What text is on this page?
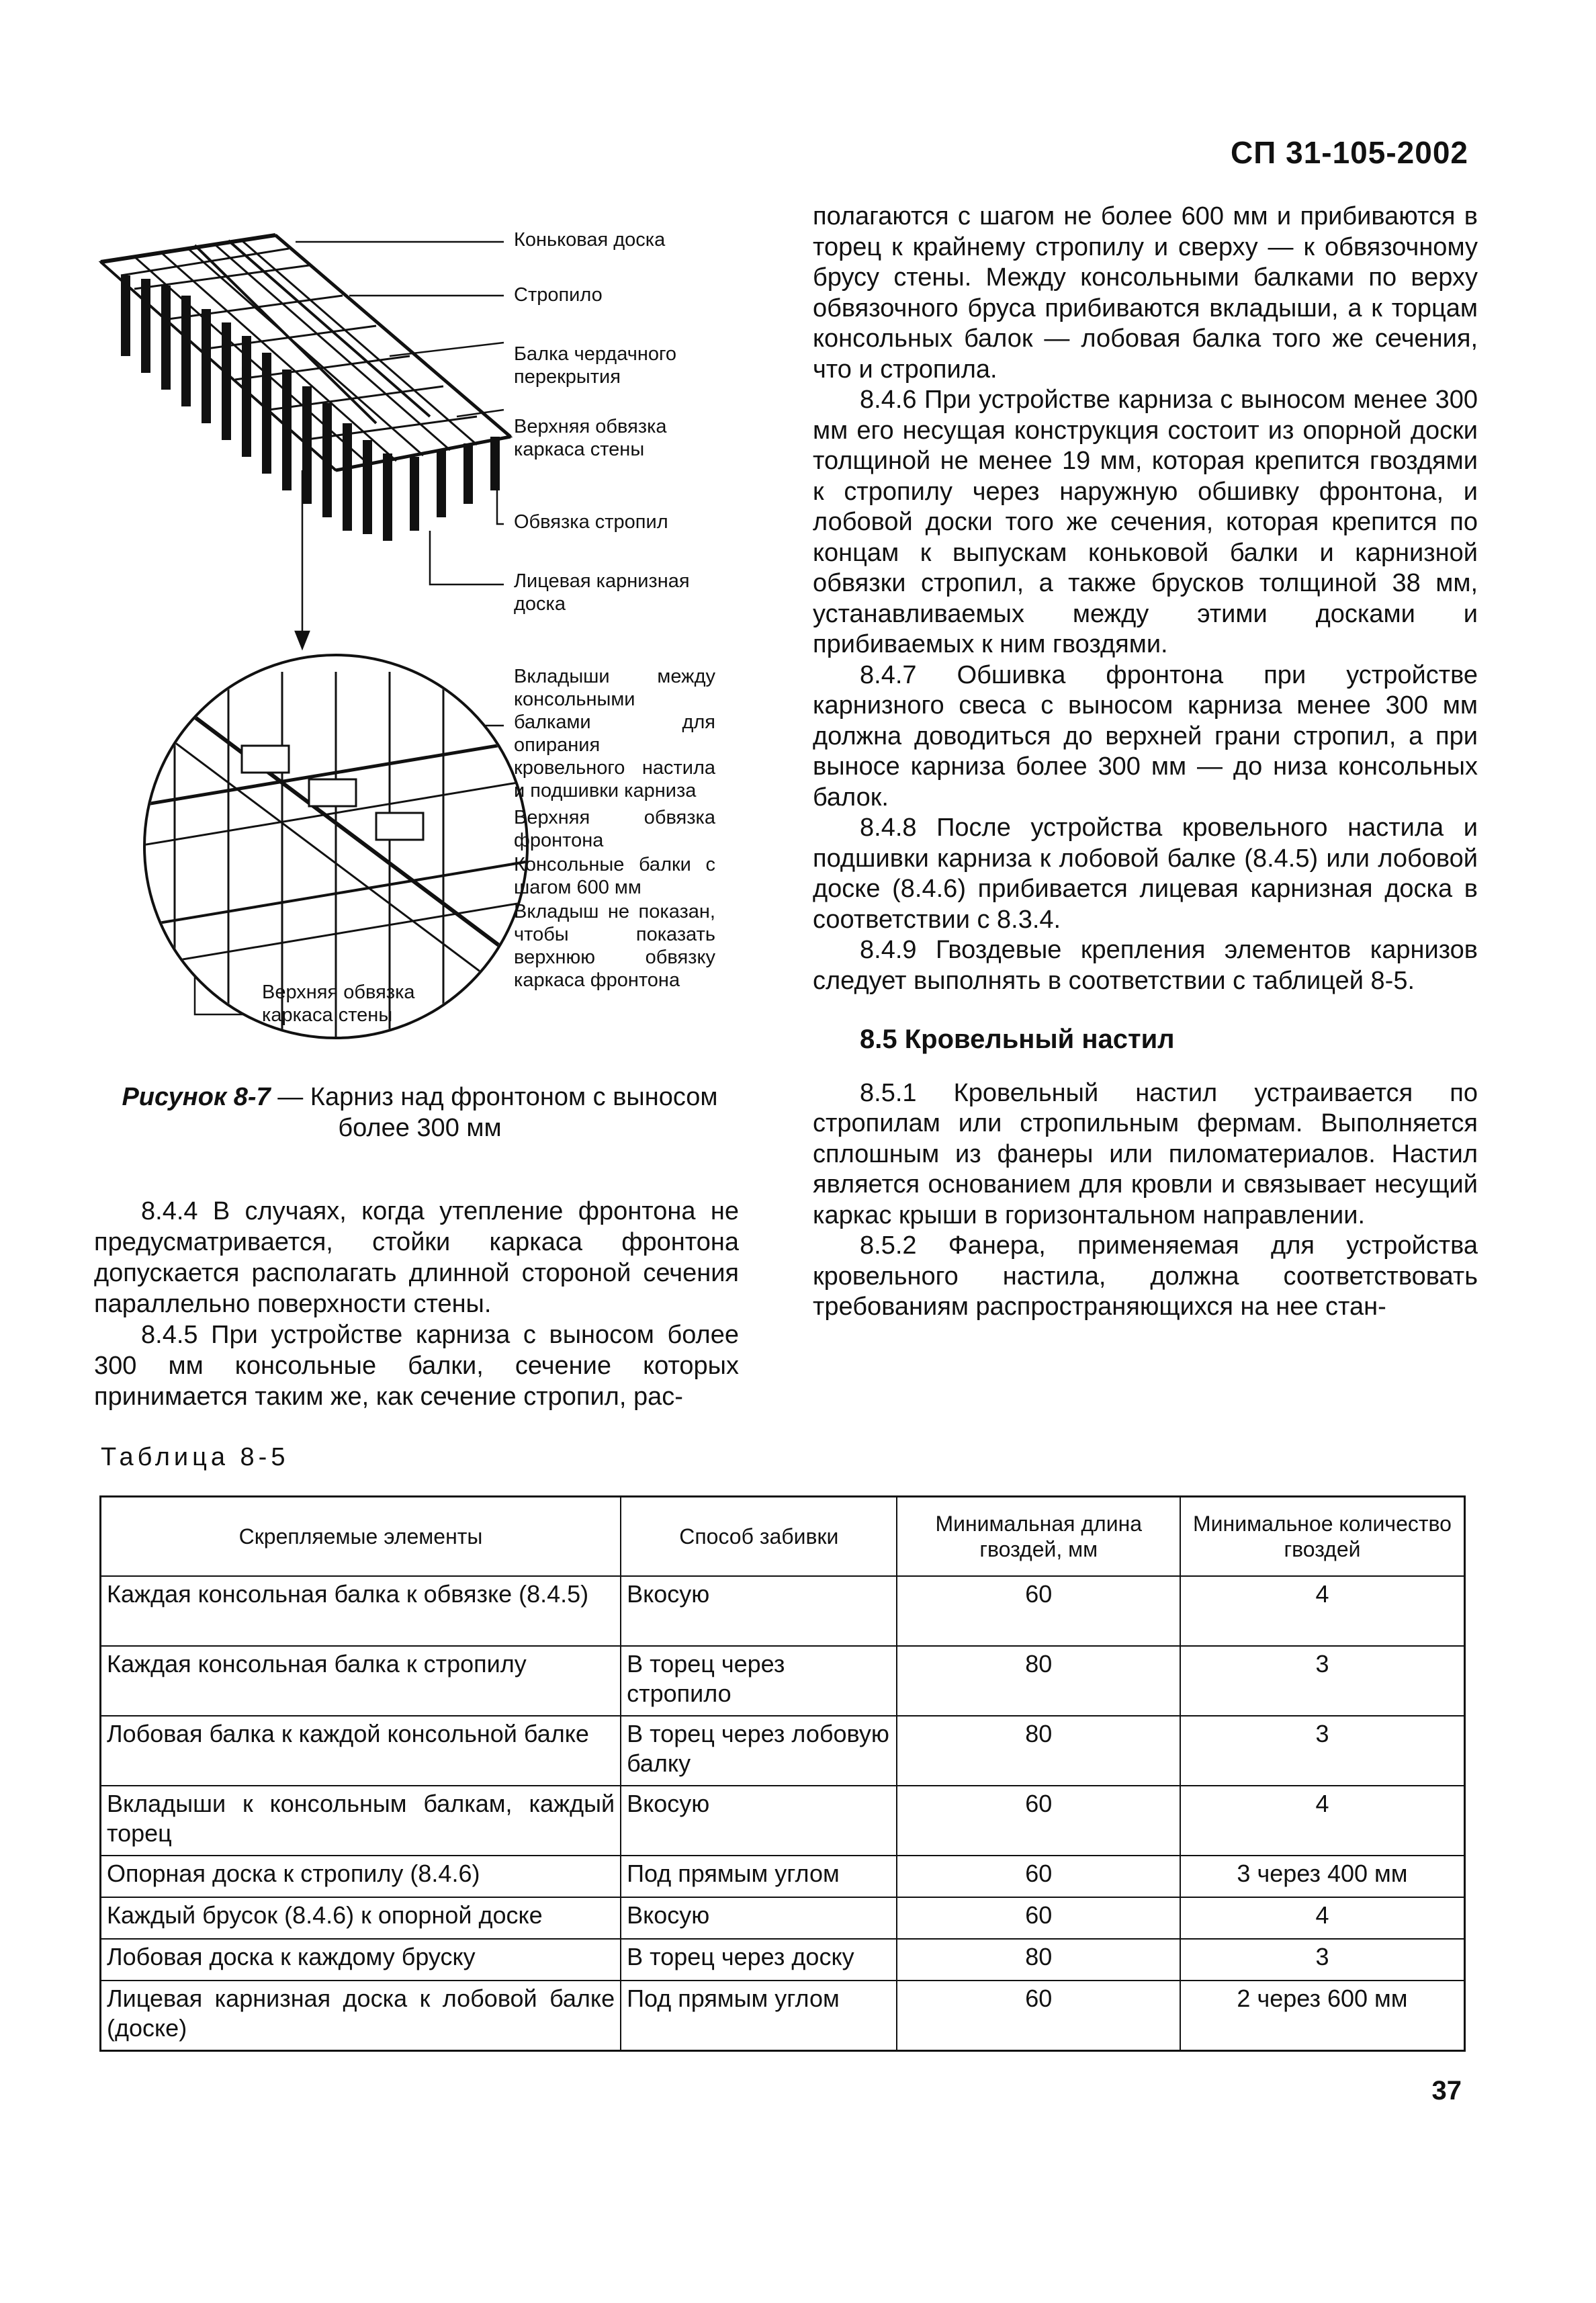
СП 31-105-2002
Коньковая доска
Стропило
Балка чердачного перекрытия
Верхняя обвязка каркаса стены
Обвязка стропил
Лицевая карнизная доска
Вкладыши между консольными балками для опирания кровельного настила и подшивки карниза
Верхняя обвязка фронтона
Консольные балки с шагом 600 мм
Вкладыш не показан, чтобы показать верхнюю обвязку каркаса фронтона
Верхняя обвязка каркаса стены
Рисунок 8-7 — Карниз над фронтоном с выносом более 300 мм

8.4.4 В случаях, когда утепление фронтона не предусматривается, стойки каркаса фронтона допускается располагать длинной стороной сечения параллельно поверхности стены.

8.4.5 При устройстве карниза с выносом более 300 мм консольные балки, сечение которых принимается таким же, как сечение стропил, рас-

полагаются с шагом не более 600 мм и прибиваются в торец к крайнему стропилу и сверху — к обвязочному брусу стены. Между консольными балками по верху обвязочного бруса прибиваются вкладыши, а к торцам консольных балок — лобовая балка того же сечения, что и стропила.

8.4.6 При устройстве карниза с выносом менее 300 мм его несущая конструкция состоит из опорной доски толщиной не менее 19 мм, которая крепится гвоздями к стропилу через наружную обшивку фронтона, и лобовой доски того же сечения, которая крепится по концам к выпускам коньковой балки и карнизной обвязки стропил, а также брусков толщиной 38 мм, устанавливаемых между этими досками и прибиваемых к ним гвоздями.

8.4.7 Обшивка фронтона при устройстве карнизного свеса с выносом карниза менее 300 мм должна доводиться до верхней грани стропил, а при выносе карниза более 300 мм — до низа консольных балок.

8.4.8 После устройства кровельного настила и подшивки карниза к лобовой балке (8.4.5) или лобовой доске (8.4.6) прибивается лицевая карнизная доска в соответствии с 8.3.4.

8.4.9 Гвоздевые крепления элементов карнизов следует выполнять в соответствии с таблицей 8-5.

8.5 Кровельный настил

8.5.1 Кровельный настил устраивается по стропилам или стропильным фермам. Выполняется сплошным из фанеры или пиломатериалов. Настил является основанием для кровли и связывает несущий каркас крыши в горизонтальном направлении.

8.5.2 Фанера, применяемая для устройства кровельного настила, должна соответствовать требованиям распространяющихся на нее стан-

Таблица 8-5
Скрепляемые элементы	Способ забивки	Минимальная длина гвоздей, мм	Минимальное количество гвоздей
Каждая консольная балка к обвязке (8.4.5)	Вкосую	60	4
Каждая консольная балка к стропилу	В торец через стропило	80	3
Лобовая балка к каждой консольной балке	В торец через лобовую балку	80	3
Вкладыши к консольным балкам, каждый торец	Вкосую	60	4
Опорная доска к стропилу (8.4.6)	Под прямым углом	60	3 через 400 мм
Каждый брусок (8.4.6) к опорной доске	Вкосую	60	4
Лобовая доска к каждому бруску	В торец через доску	80	3
Лицевая карнизная доска к лобовой балке (доске)	Под прямым углом	60	2 через 600 мм
37
